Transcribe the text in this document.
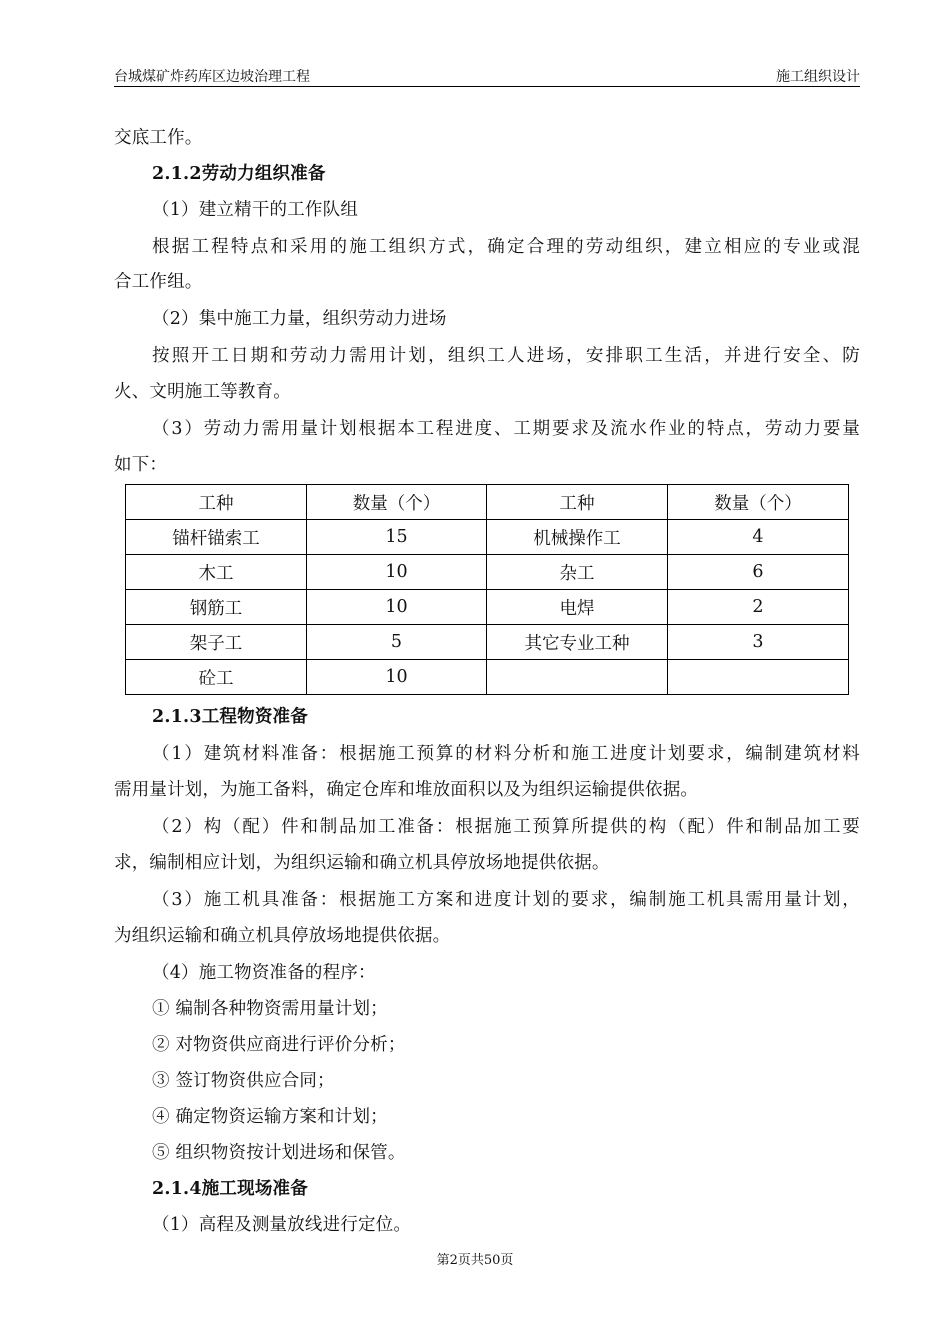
台城煤矿炸药库区边坡治理工程	施工组织设计
交底工作。
2.1.2劳动力组织准备
（1）建立精干的工作队组
根据工程特点和采用的施工组织方式，确定合理的劳动组织，建立相应的专业或混
合工作组。
（2）集中施工力量，组织劳动力进场
按照开工日期和劳动力需用计划，组织工人进场，安排职工生活，并进行安全、防
火、文明施工等教育。
（3）劳动力需用量计划根据本工程进度、工期要求及流水作业的特点，劳动力要量
如下：
工种	数量（个）	工种	数量（个）
锚杆锚索工	15	机械操作工	4
木工	10	杂工	6
钢筋工	10	电焊	2
架子工	5	其它专业工种	3
砼工	10		
2.1.3工程物资准备
（1）建筑材料准备：根据施工预算的材料分析和施工进度计划要求，编制建筑材料
需用量计划，为施工备料，确定仓库和堆放面积以及为组织运输提供依据。
（2）构（配）件和制品加工准备：根据施工预算所提供的构（配）件和制品加工要
求，编制相应计划，为组织运输和确立机具停放场地提供依据。
（3）施工机具准备：根据施工方案和进度计划的要求，编制施工机具需用量计划，
为组织运输和确立机具停放场地提供依据。
（4）施工物资准备的程序：
① 编制各种物资需用量计划；
② 对物资供应商进行评价分析；
③ 签订物资供应合同；
④ 确定物资运输方案和计划；
⑤ 组织物资按计划进场和保管。
2.1.4施工现场准备
（1）高程及测量放线进行定位。
第2页共50页
